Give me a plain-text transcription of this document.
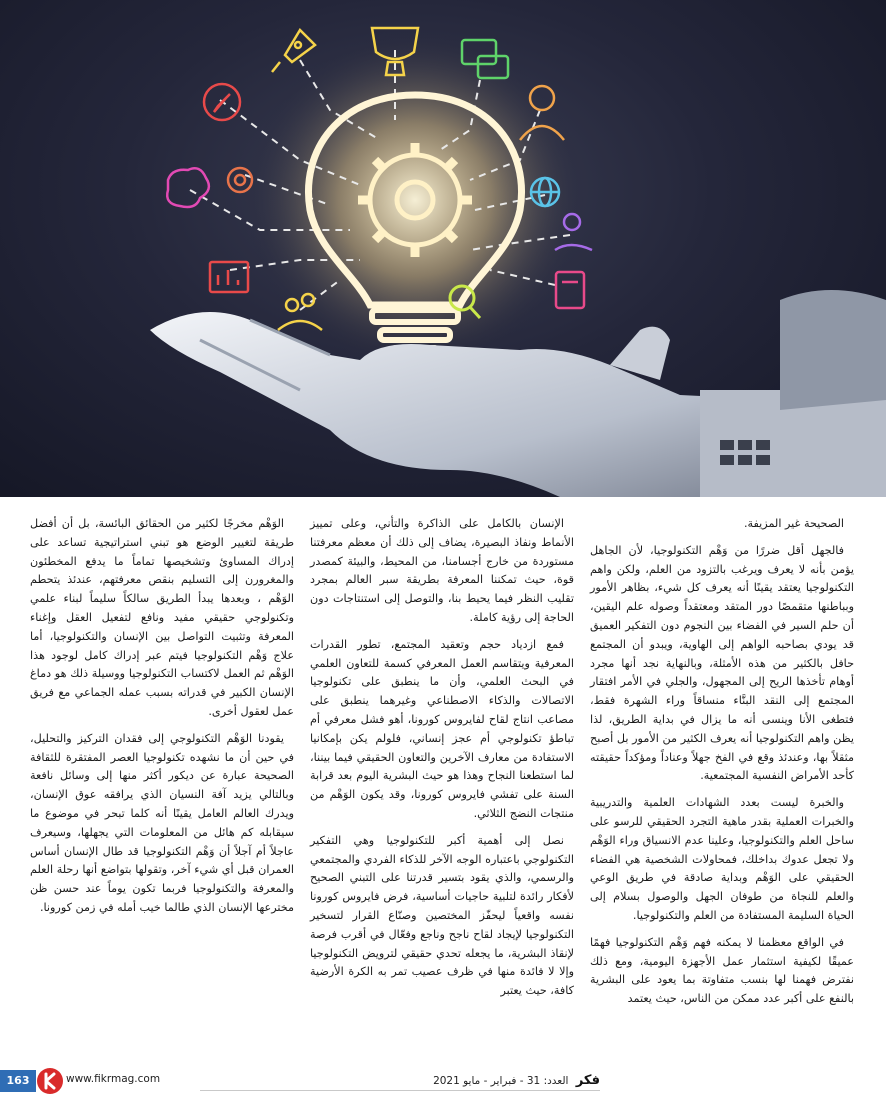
الصحيحة غير المزيفة.

فالجهل أقل ضررًا من وَهْم التكنولوجيا، لأن الجاهل يؤمن بأنه لا يعرف ويرغب بالتزود من العلم، ولكن واهم التكنولوجيا يعتقد يقينًا أنه يعرف كل شيء، بظاهر الأمور وبباطنها متقمصًا دور المتقد ومعتقداً وصوله علم اليقين، أن حلم السير في الفضاء بين النجوم دون التفكير العميق قد يودي بصاحبه الواهم إلى الهاوية، ويبدو أن المجتمع حافل بالكثير من هذه الأمثلة، وبالنهاية نجد أنها مجرد أوهام تأخذها الريح إلى المجهول، والجلي في الأمر افتقار المجتمع إلى النقد البنَّاء منساقاً وراء الشهرة فقط، فتطغى الأنا وينسى أنه ما يزال في بداية الطريق، لذا يظن واهم التكنولوجيا أنه يعرف الكثير من الأمور بل أصبح مثقلاً بها، وعندئذ وقع في الفخ جهلاً وعناداً ومؤكداً حقيقته كأحد الأمراض النفسية المجتمعية.

والخبرة ليست بعدد الشهادات العلمية والتدريبية والخبرات العملية بقدر ماهية التجرد الحقيقي للرسو على ساحل العلم والتكنولوجيا، وعلينا عدم الانسياق وراء الوَهْم ولا تجعل عدوك بداخلك، فمحاولات الشخصية هي الفضاء الحقيقي على الوَهْم وبداية صادقة في طريق الوعي والعلم للنجاة من طوفان الجهل والوصول بسلام إلى الحياة السليمة المستفادة من العلم والتكنولوجيا.

في الواقع معظمنا لا يمكنه فهم وَهْم التكنولوجيا فهمًا عميقًا لكيفية استثمار عمل الأجهزة اليومية، ومع ذلك نفترض فهمنا لها بنسب متفاوتة بما يعود على البشرية بالنفع على أكبر عدد ممكن من الناس، حيث يعتمد

الإنسان بالكامل على الذاكرة والتأني، وعلى تمييز الأنماط ونفاذ البصيرة، يضاف إلى ذلك أن معظم معرفتنا مستوردة من خارج أجسامنا، من المحيط، والبيئة كمصدر قوة، حيث تمكننا المعرفة بطريقة سبر العالم بمجرد تقليب النظر فيما يحيط بنا، والتوصل إلى استنتاجات دون الحاجة إلى رؤية كاملة.

فمع ازدياد حجم وتعقيد المجتمع، تطور القدرات المعرفية ويتقاسم العمل المعرفي كسمة للتعاون العلمي في البحث العلمي، وأن ما ينطبق على تكنولوجيا الاتصالات والذكاء الاصطناعي وغيرهما ينطبق على مصاعب انتاج لقاح لفايروس كورونا، أهو فشل معرفي أم تباطؤ تكنولوجي أم عجز إنساني، فلولم يكن بإمكانيا الاستفادة من معارف الآخرين والتعاون الحقيقي فيما بيننا، لما استطعنا النجاح وهذا هو حيث البشرية اليوم بعد قرابة السنة على تفشي فايروس كورونا، وقد يكون الوَهْم من منتجات النضج الثلاثي.

نصل إلى أهمية أكبر للتكنولوجيا وهي التفكير التكنولوجي باعتباره الوجه الآخر للذكاء الفردي والمجتمعي والرسمي، والذي يقود بتسير قدرتنا على التبني الصحيح لأفكار رائدة لتلبية حاجيات أساسية، فرض فايروس كورونا نفسه واقعياً ليحفّز المختصين وصنّاع القرار لتسخير التكنولوجيا لإيجاد لقاح ناجح وناجع وفعّال في أقرب فرصة لإنقاذ البشرية، ما يجعله تحدي حقيقي لترويض التكنولوجيا وإلا لا فائدة منها في ظرف عصيب تمر به الكرة الأرضية كافة، حيث يعتبر

الوَهْم مخرجًا لكثير من الحقائق البائسة، بل أن أفضل طريقة لتغيير الوضع هو تبني استراتيجية تساعد على إدراك المساوئ وتشخيصها تماماً ما يدفع المخطئون والمغرورن إلى التسليم بنقص معرفتهم، عندئذ يتحطم الوَهْم ، وبعدها يبدأ الطريق سالكاً سليماً لبناء علمي وتكنولوجي حقيقي مفيد ونافع لتفعيل العقل وإغناء المعرفة وتثبيت التواصل بين الإنسان والتكنولوجيا، أما علاج وَهْم التكنولوجيا فيتم عبر إدراك كامل لوجود هذا الوَهْم ثم العمل لاكتساب التكنولوجيا ووسيلة ذلك هو دماغ الإنسان الكبير في قدراته بسبب عمله الجماعي مع فريق عمل لعقول أخرى.

يقودنا الوَهْم التكنولوجي إلى فقدان التركيز والتحليل، في حين أن ما نشهده تكنولوجيا العصر المفتقرة للثقافة الصحيحة عبارة عن ديكور أكثر منها إلى وسائل نافعة وبالتالي يزيد آفة النسيان الذي يرافقه عوق الإنسان، ويدرك العالم العامل يقينًا أنه كلما تبحر في موضوع ما سيقابله كم هائل من المعلومات التي يجهلها، وسيعرف عاجلاً أم آجلاً أن وَهْم التكنولوجيا قد طال الإنسان أساس العمران قبل أي شيء آخر، وتقولها بتواضع أنها رحلة العلم والمعرفة والتكنولوجيا فربما تكون يوماً عند حسن ظن مخترعها الإنسان الذي طالما خيب أمله في زمن كورونا.

163	www.fikrmag.com	فكر العدد: 31 - فبراير - مايو 2021
